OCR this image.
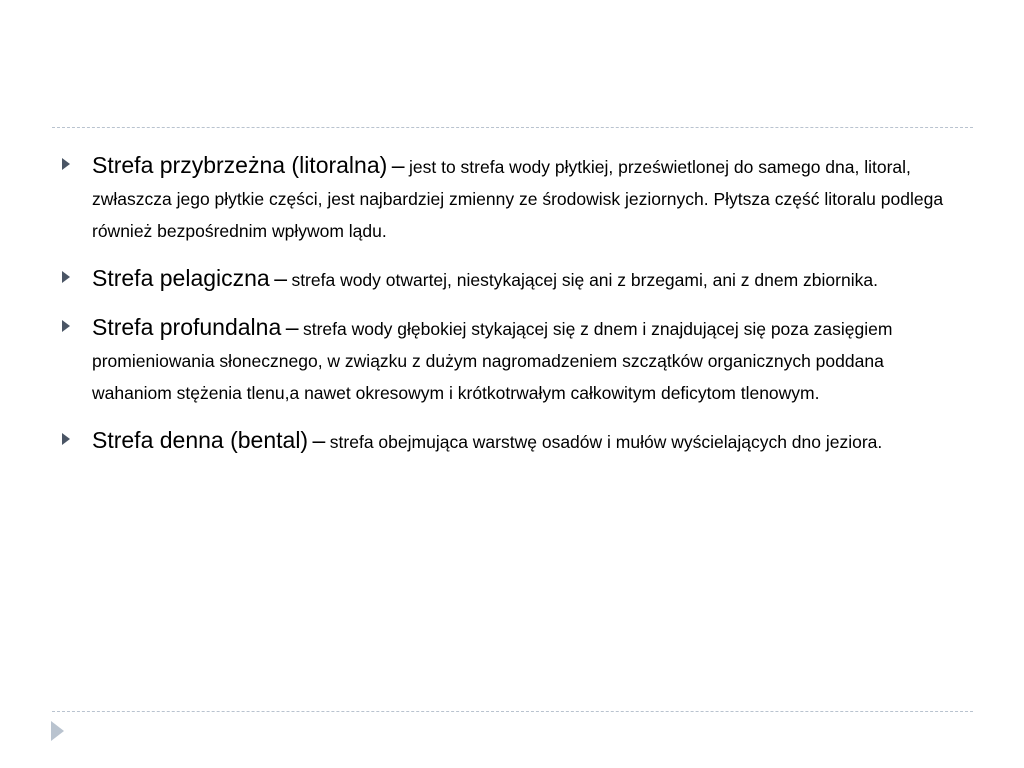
Strefa przybrzeżna (litoralna) – jest to strefa wody płytkiej, prześwietlonej do samego dna, litoral, zwłaszcza jego płytkie części, jest najbardziej zmienny ze środowisk jeziornych. Płytsza część litoralu podlega również bezpośrednim wpływom lądu.
Strefa pelagiczna – strefa wody otwartej, niestykającej się ani z brzegami, ani z dnem zbiornika.
Strefa profundalna – strefa wody głębokiej stykającej się z dnem i znajdującej się poza zasięgiem promieniowania słonecznego, w związku z dużym nagromadzeniem szczątków organicznych poddana wahaniom stężenia tlenu,a nawet okresowym i krótkotrwałym całkowitym deficytom tlenowym.
Strefa denna (bental) – strefa obejmująca warstwę osadów i mułów wyścielających dno jeziora.
